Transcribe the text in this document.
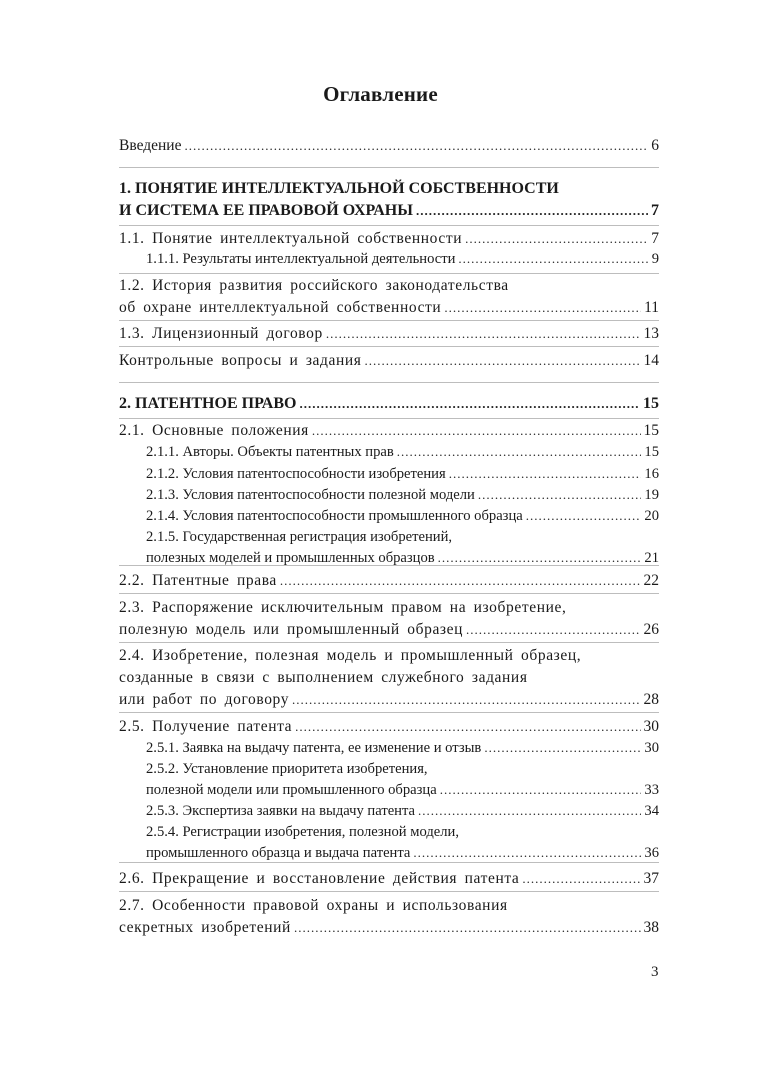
Оглавление
Введение .....	6
1. ПОНЯТИЕ ИНТЕЛЛЕКТУАЛЬНОЙ СОБСТВЕННОСТИ
И СИСТЕМА ЕЕ ПРАВОВОЙ ОХРАНЫ .....	7
1.1. Понятие интеллектуальной собственности .....	7
1.1.1. Результаты интеллектуальной деятельности .....	9
1.2. История развития российского законодательства
об охране интеллектуальной собственности .....	11
1.3. Лицензионный договор .....	13
Контрольные вопросы и задания .....	14
2. ПАТЕНТНОЕ ПРАВО .....	15
2.1. Основные положения .....	15
2.1.1. Авторы. Объекты патентных прав .....	15
2.1.2. Условия патентоспособности изобретения .....	16
2.1.3. Условия патентоспособности полезной модели .....	19
2.1.4. Условия патентоспособности промышленного образца .....	20
2.1.5. Государственная регистрация изобретений,
полезных моделей и промышленных образцов .....	21
2.2. Патентные права .....	22
2.3. Распоряжение исключительным правом на изобретение,
полезную модель или промышленный образец .....	26
2.4. Изобретение, полезная модель и промышленный образец,
созданные в связи с выполнением служебного задания
или работ по договору .....	28
2.5. Получение патента .....	30
2.5.1. Заявка на выдачу патента, ее изменение и отзыв .....	30
2.5.2. Установление приоритета изобретения,
полезной модели или промышленного образца .....	33
2.5.3. Экспертиза заявки на выдачу патента .....	34
2.5.4. Регистрации изобретения, полезной модели,
промышленного образца и выдача патента .....	36
2.6. Прекращение и восстановление действия патента .....	37
2.7. Особенности правовой охраны и использования
секретных изобретений .....	38
3
